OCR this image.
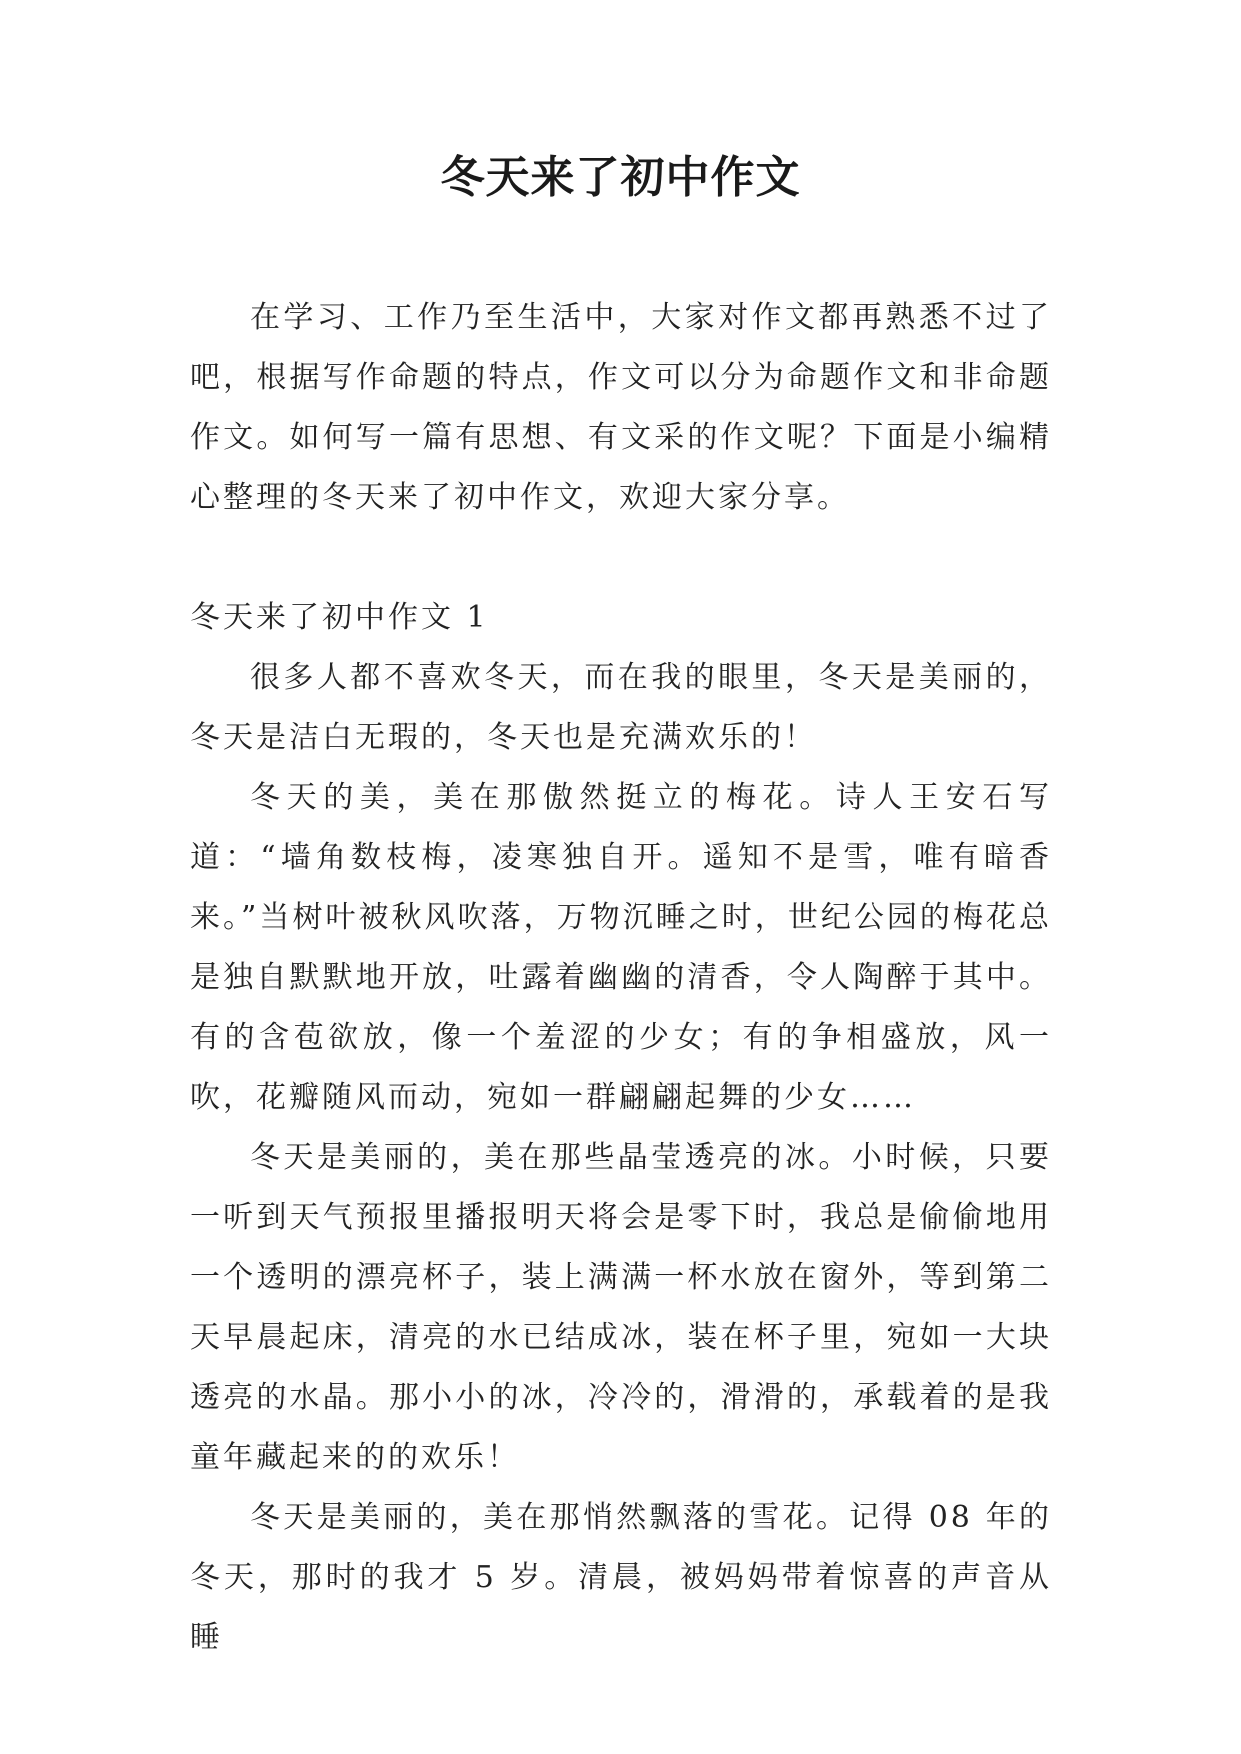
冬天来了初中作文

在学习、工作乃至生活中，大家对作文都再熟悉不过了吧，根据写作命题的特点，作文可以分为命题作文和非命题作文。如何写一篇有思想、有文采的作文呢？下面是小编精心整理的冬天来了初中作文，欢迎大家分享。

冬天来了初中作文 1

很多人都不喜欢冬天，而在我的眼里，冬天是美丽的，冬天是洁白无瑕的，冬天也是充满欢乐的！

冬天的美，美在那傲然挺立的梅花。诗人王安石写道：“墙角数枝梅，凌寒独自开。遥知不是雪，唯有暗香来。”当树叶被秋风吹落，万物沉睡之时，世纪公园的梅花总是独自默默地开放，吐露着幽幽的清香，令人陶醉于其中。有的含苞欲放，像一个羞涩的少女；有的争相盛放，风一吹，花瓣随风而动，宛如一群翩翩起舞的少女……

冬天是美丽的，美在那些晶莹透亮的冰。小时候，只要一听到天气预报里播报明天将会是零下时，我总是偷偷地用一个透明的漂亮杯子，装上满满一杯水放在窗外，等到第二天早晨起床，清亮的水已结成冰，装在杯子里，宛如一大块透亮的水晶。那小小的冰，冷冷的，滑滑的，承载着的是我童年藏起来的的欢乐！

冬天是美丽的，美在那悄然飘落的雪花。记得 08 年的冬天，那时的我才 5 岁。清晨，被妈妈带着惊喜的声音从睡
